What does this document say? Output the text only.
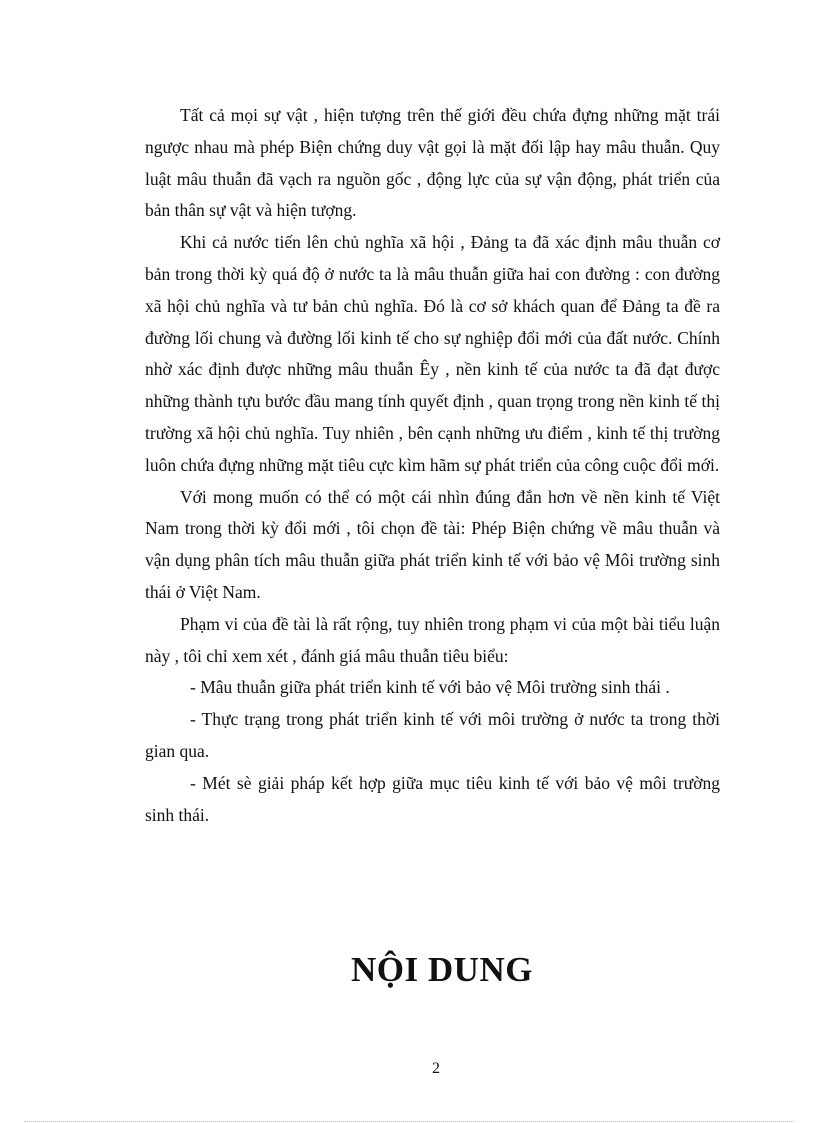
Tất cả mọi sự vật , hiện tượng trên thế giới đều chứa đựng những mặt trái ngược nhau mà phép Biện chứng duy vật gọi là mặt đối lập hay mâu thuẫn. Quy luật mâu thuẫn đã vạch ra nguồn gốc , động lực của sự vận động, phát triển của bản thân sự vật và hiện tượng.

Khi cả nước tiến lên chủ nghĩa xã hội , Đảng ta đã xác định mâu thuẫn cơ bản trong thời kỳ quá độ ở nước ta là mâu thuẫn giữa hai con đường : con đường xã hội chủ nghĩa và tư bản chủ nghĩa. Đó là cơ sở khách quan để Đảng ta đề ra đường lối chung và đường lối kinh tế cho sự nghiệp đổi mới của đất nước. Chính nhờ xác định được những mâu thuẫn Êy , nền kinh tế của nước ta đã đạt được những thành tựu bước đầu mang tính quyết định , quan trọng trong nền kinh tế thị trường xã hội chủ nghĩa. Tuy nhiên , bên cạnh những ưu điểm , kinh tế thị trường luôn chứa đựng những mặt tiêu cực kìm hãm sự phát triển của công cuộc đổi mới.

Với mong muốn có thể có một cái nhìn đúng đắn hơn về nền kinh tế Việt Nam trong thời kỳ đổi mới , tôi chọn đề tài: Phép Biện chứng về mâu thuẫn và vận dụng phân tích mâu thuẫn giữa phát triển kinh tế với bảo vệ Môi trường sinh thái ở Việt Nam.

Phạm vi của đề tài là rất rộng, tuy nhiên trong phạm vi của một bài tiểu luận này , tôi chỉ xem xét , đánh giá mâu thuẫn tiêu biểu:

- Mâu thuẫn giữa phát triển kinh tế với bảo vệ Môi trường sinh thái .

- Thực trạng trong phát triển kinh tế với môi trường ở nước ta trong thời gian qua.

- Mét sè giải pháp kết hợp giữa mục tiêu kinh tế với bảo vệ môi trường sinh thái.

NỘI DUNG
2
